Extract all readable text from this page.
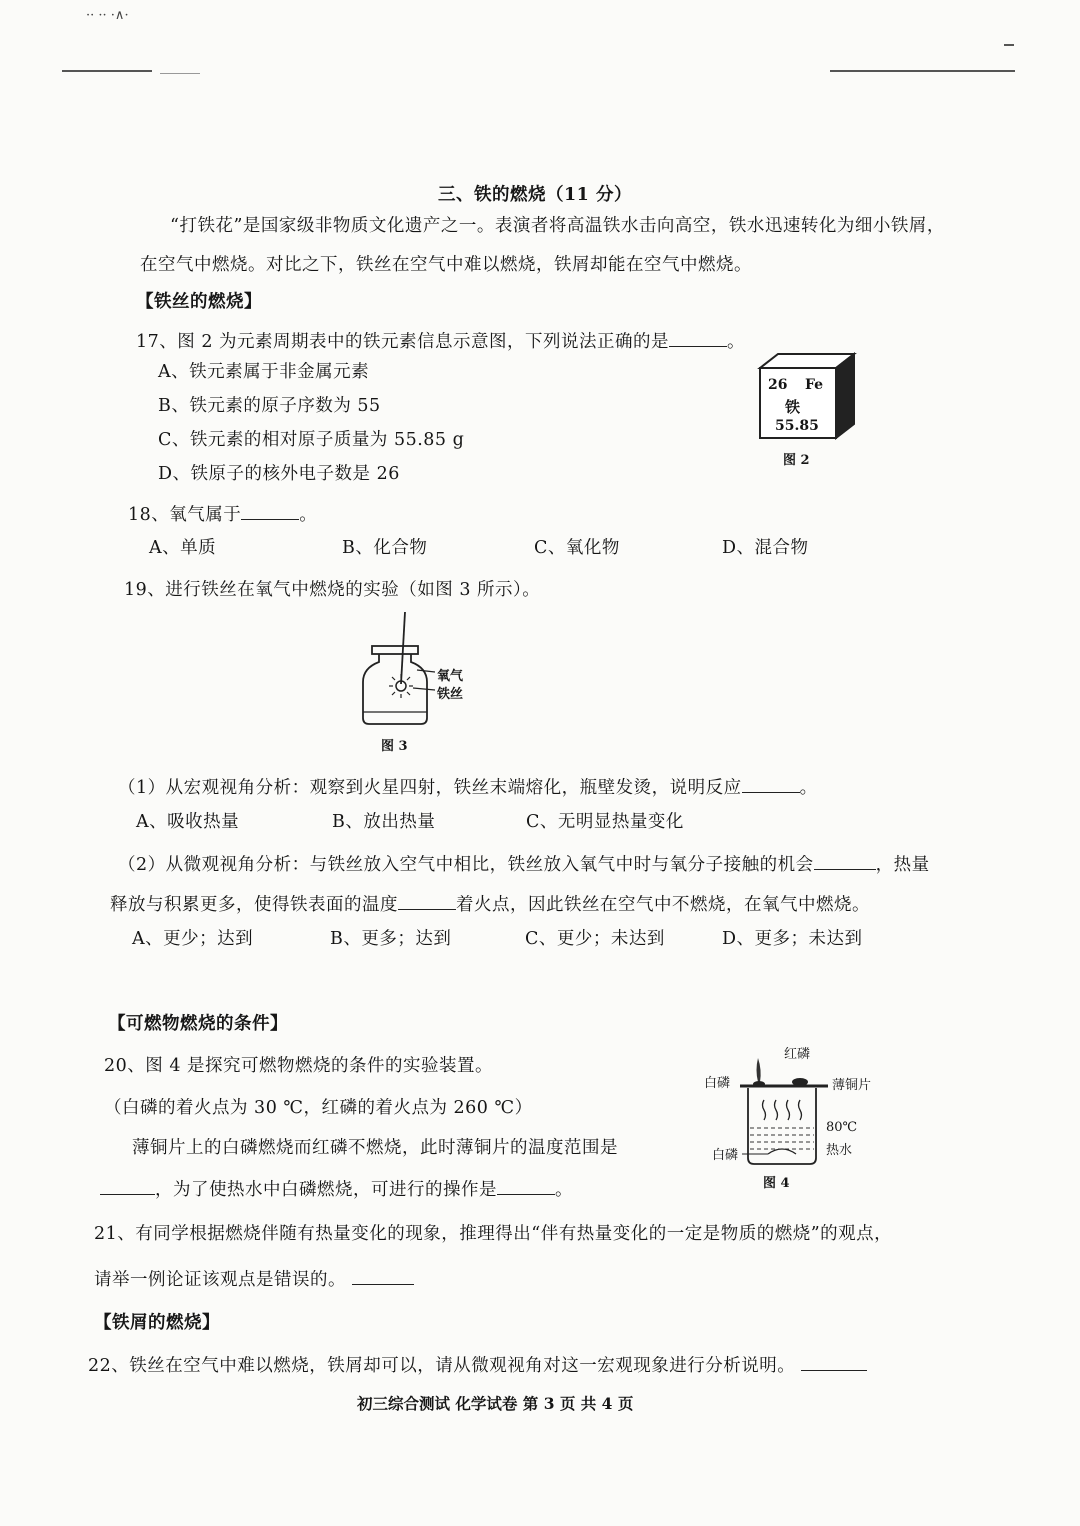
·· ·· ·∧·
三、铁的燃烧（11 分）
“打铁花”是国家级非物质文化遗产之一。表演者将高温铁水击向高空，铁水迅速转化为细小铁屑，
在空气中燃烧。对比之下，铁丝在空气中难以燃烧，铁屑却能在空气中燃烧。
【铁丝的燃烧】
17、图 2 为元素周期表中的铁元素信息示意图，下列说法正确的是	。
A、铁元素属于非金属元素
B、铁元素的原子序数为 55
C、铁元素的相对原子质量为 55.85 g
D、铁原子的核外电子数是 26
26 Fe
铁
55.85
图 2
18、氧气属于	。
A、单质	B、化合物	C、氧化物	D、混合物
19、进行铁丝在氧气中燃烧的实验（如图 3 所示）。
氧气
铁丝
图 3
（1）从宏观视角分析：观察到火星四射，铁丝末端熔化，瓶壁发烫，说明反应	。
A、吸收热量	B、放出热量	C、无明显热量变化
（2）从微观视角分析：与铁丝放入空气中相比，铁丝放入氧气中时与氧分子接触的机会	，热量
释放与积累更多，使得铁表面的温度	着火点，因此铁丝在空气中不燃烧，在氧气中燃烧。
A、更少；达到	B、更多；达到	C、更少；未达到	D、更多；未达到
【可燃物燃烧的条件】
20、图 4 是探究可燃物燃烧的条件的实验装置。
（白磷的着火点为 30 ℃，红磷的着火点为 260 ℃）
薄铜片上的白磷燃烧而红磷不燃烧，此时薄铜片的温度范围是
，为了使热水中白磷燃烧，可进行的操作是	。
红磷
白磷	薄铜片
80℃
热水
白磷
图 4
21、有同学根据燃烧伴随有热量变化的现象，推理得出“伴有热量变化的一定是物质的燃烧”的观点，
请举一例论证该观点是错误的。
【铁屑的燃烧】
22、铁丝在空气中难以燃烧，铁屑却可以，请从微观视角对这一宏观现象进行分析说明。
初三综合测试 化学试卷 第 3 页 共 4 页
